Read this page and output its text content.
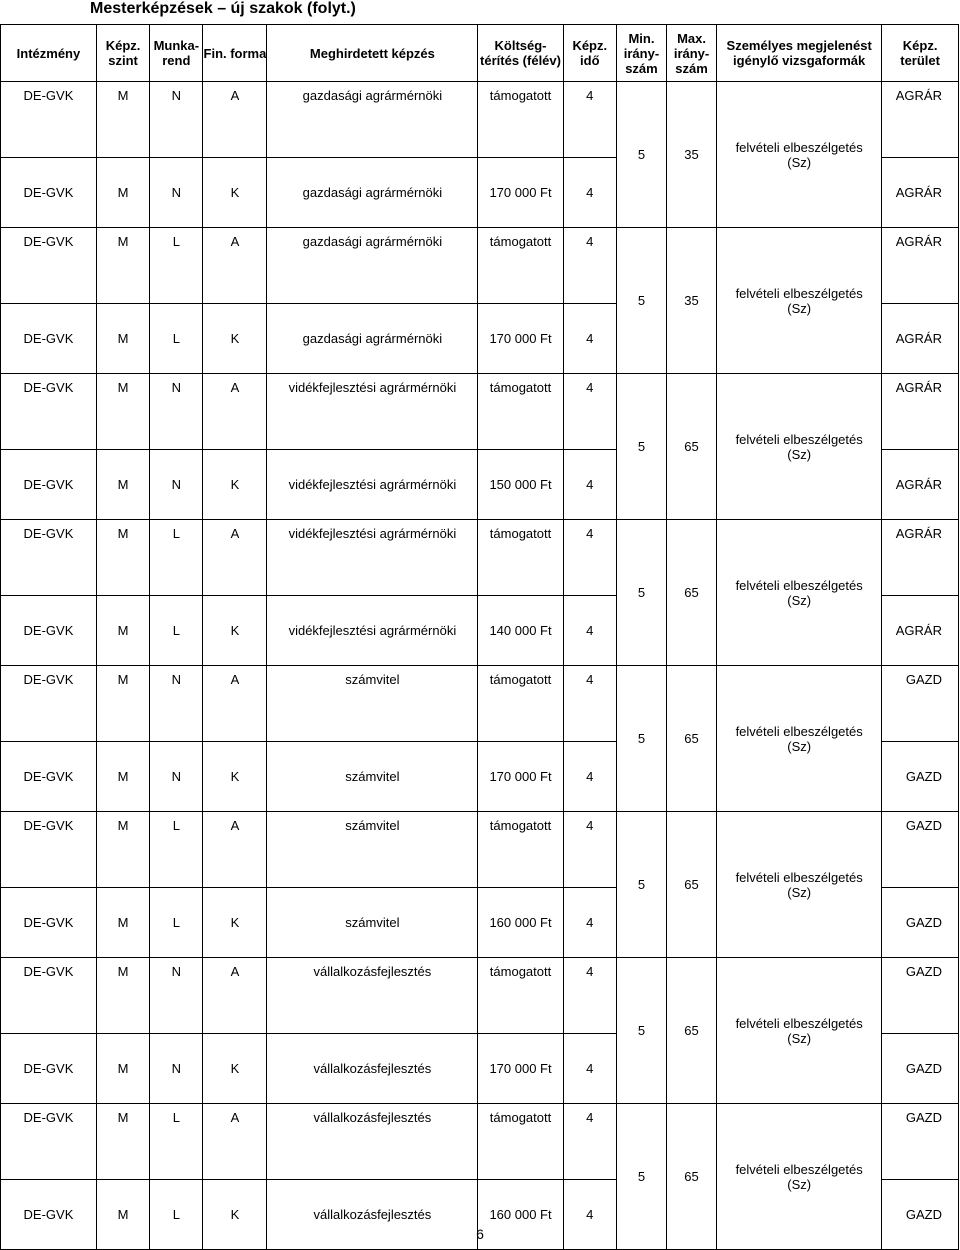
Mesterképzések – új szakok (folyt.)
Intézmény	Képz. szint	Munka- rend	Fin. forma	Meghirdetett képzés	Költség- térítés (félév)	Képz. idő	Min. irány- szám	Max. irány- szám	Személyes megjelenést igénylő vizsgaformák	Képz. terület
DE-GVK	M	N	A	gazdasági agrármérnöki	támogatott	4	5	35	felvételi elbeszélgetés (Sz)	AGRÁR
DE-GVK	M	N	K	gazdasági agrármérnöki	170 000 Ft	4				AGRÁR
DE-GVK	M	L	A	gazdasági agrármérnöki	támogatott	4	5	35	felvételi elbeszélgetés (Sz)	AGRÁR
DE-GVK	M	L	K	gazdasági agrármérnöki	170 000 Ft	4				AGRÁR
DE-GVK	M	N	A	vidékfejlesztési agrármérnöki	támogatott	4	5	65	felvételi elbeszélgetés (Sz)	AGRÁR
DE-GVK	M	N	K	vidékfejlesztési agrármérnöki	150 000 Ft	4				AGRÁR
DE-GVK	M	L	A	vidékfejlesztési agrármérnöki	támogatott	4	5	65	felvételi elbeszélgetés (Sz)	AGRÁR
DE-GVK	M	L	K	vidékfejlesztési agrármérnöki	140 000 Ft	4				AGRÁR
DE-GVK	M	N	A	számvitel	támogatott	4	5	65	felvételi elbeszélgetés (Sz)	GAZD
DE-GVK	M	N	K	számvitel	170 000 Ft	4				GAZD
DE-GVK	M	L	A	számvitel	támogatott	4	5	65	felvételi elbeszélgetés (Sz)	GAZD
DE-GVK	M	L	K	számvitel	160 000 Ft	4				GAZD
DE-GVK	M	N	A	vállalkozásfejlesztés	támogatott	4	5	65	felvételi elbeszélgetés (Sz)	GAZD
DE-GVK	M	N	K	vállalkozásfejlesztés	170 000 Ft	4				GAZD
DE-GVK	M	L	A	vállalkozásfejlesztés	támogatott	4	5	65	felvételi elbeszélgetés (Sz)	GAZD
DE-GVK	M	L	K	vállalkozásfejlesztés	160 000 Ft	4				GAZD
6
